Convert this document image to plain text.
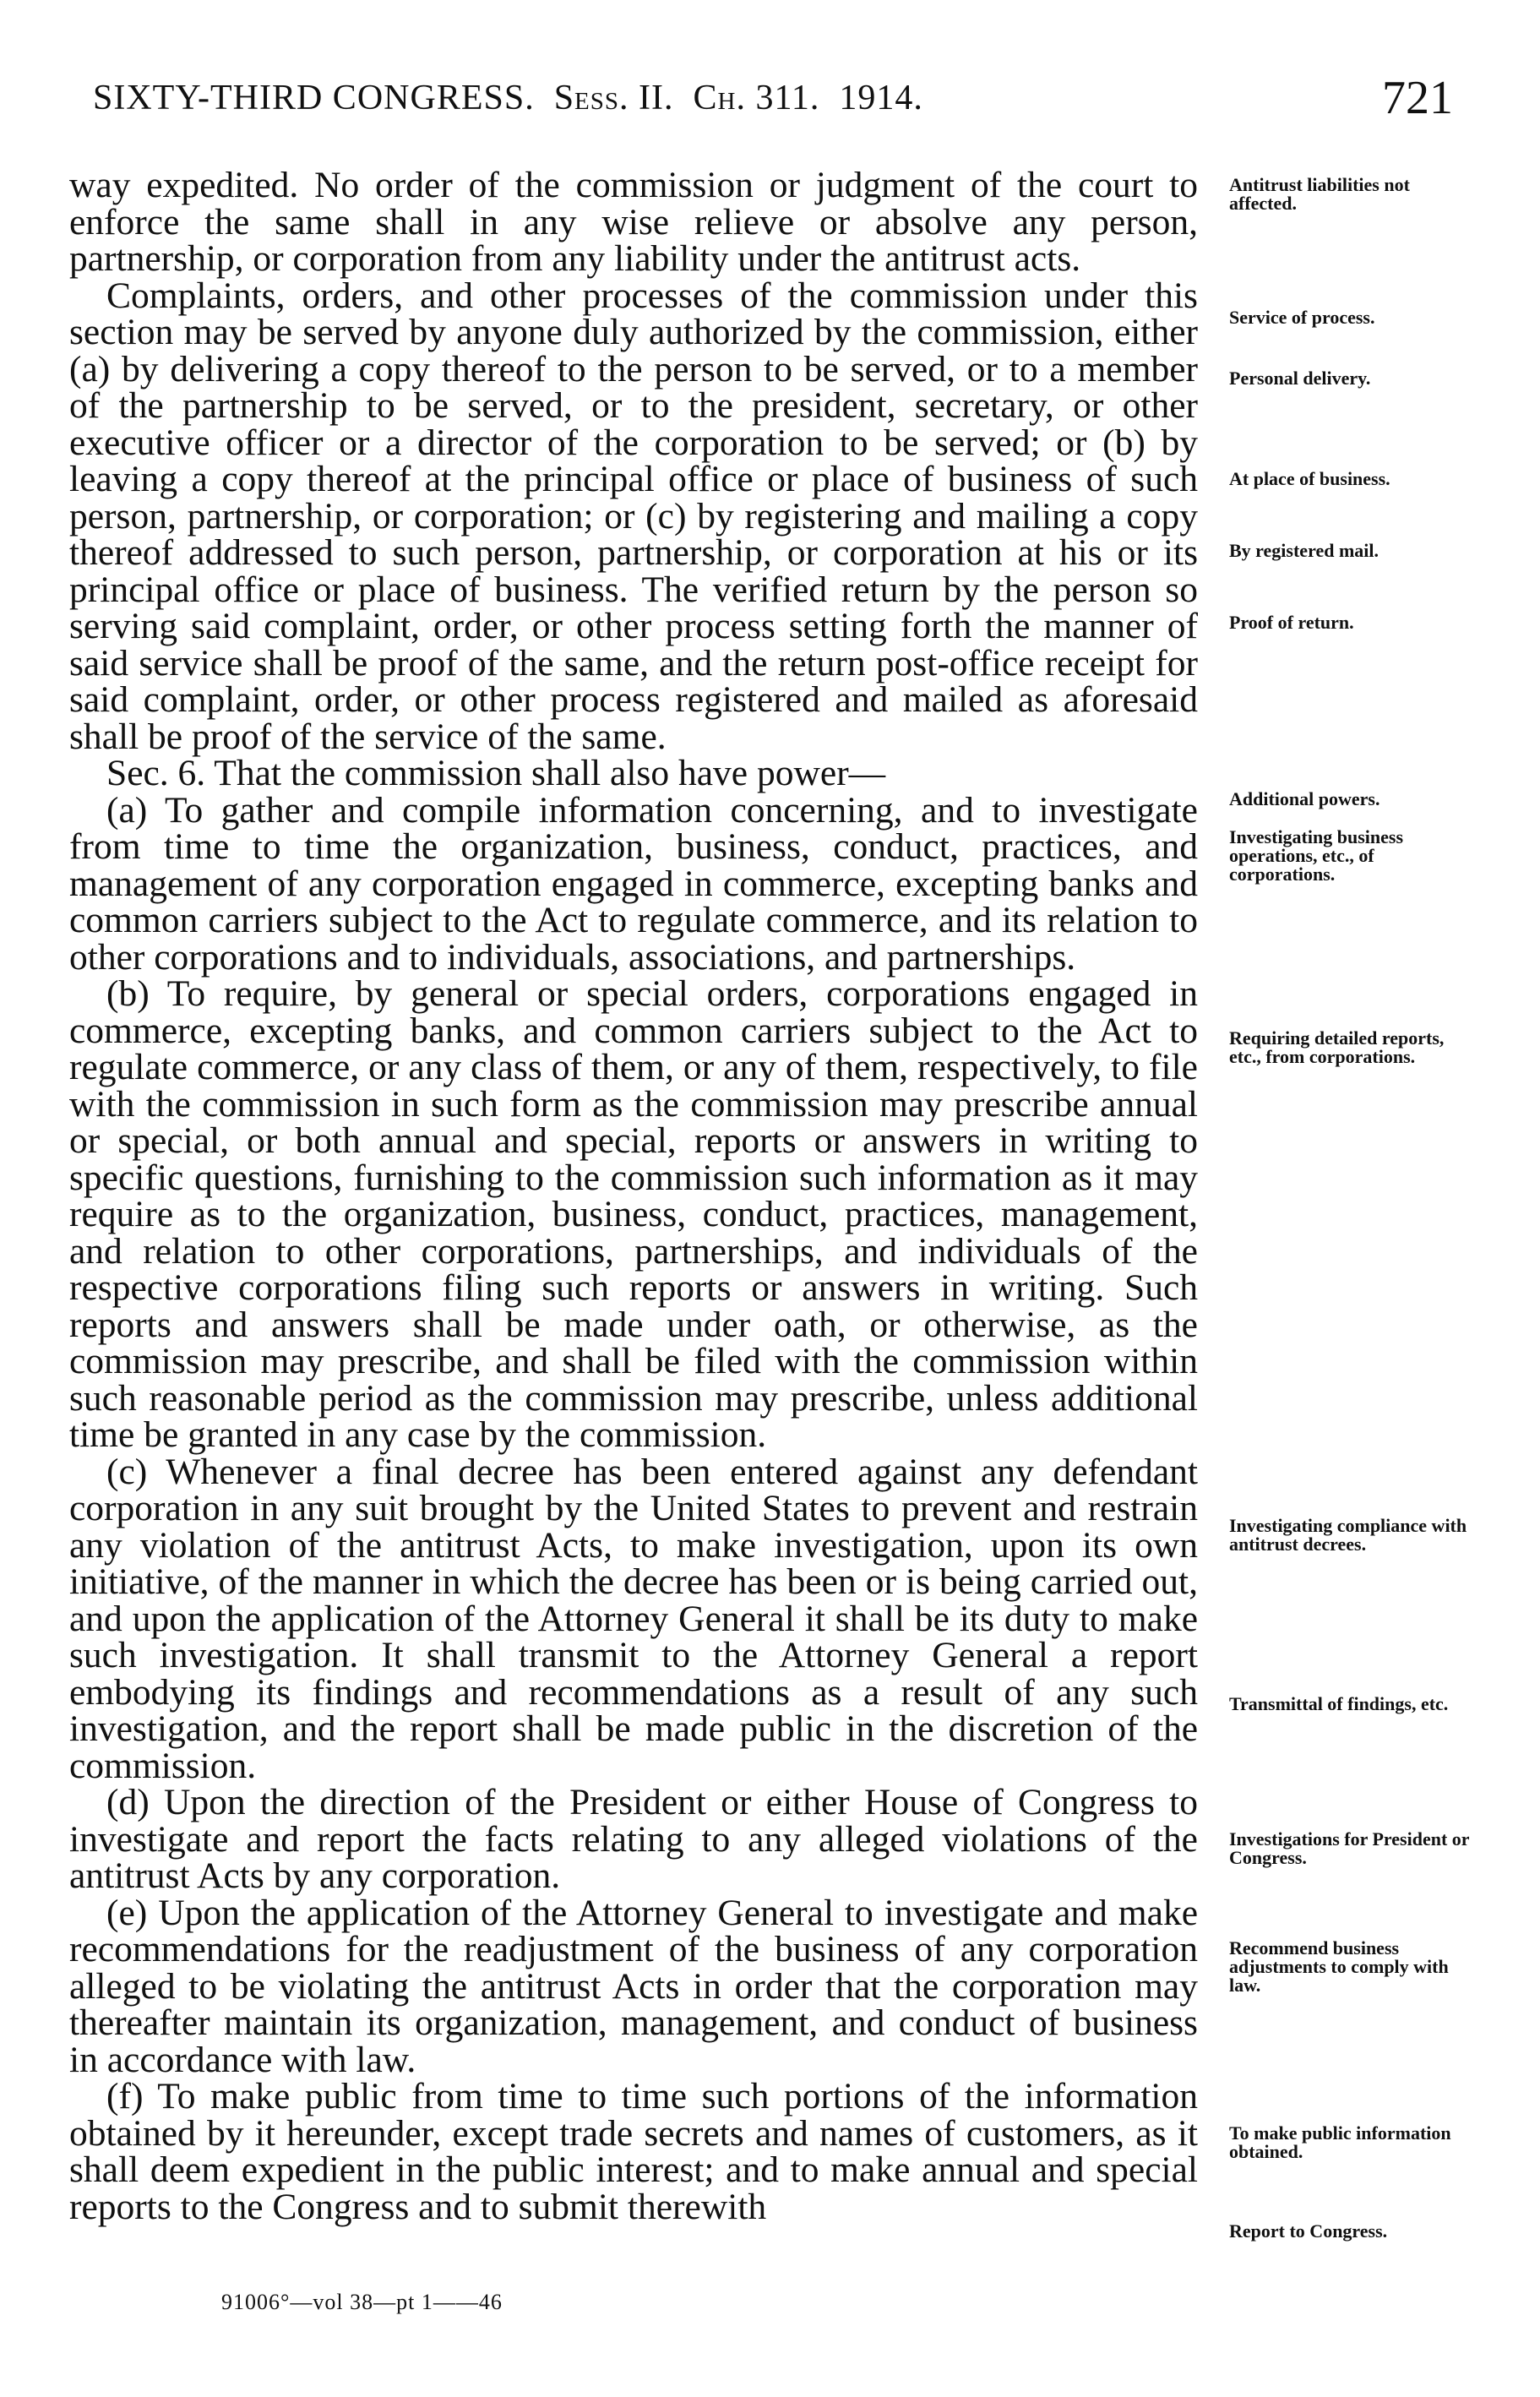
SIXTY-THIRD CONGRESS. Sess. II. Ch. 311. 1914.	721

way expedited. No order of the commission or judgment of the court to enforce the same shall in any wise relieve or absolve any person, partnership, or corporation from any liability under the antitrust acts.

Complaints, orders, and other processes of the commission under this section may be served by anyone duly authorized by the commission, either (a) by delivering a copy thereof to the person to be served, or to a member of the partnership to be served, or to the president, secretary, or other executive officer or a director of the corporation to be served; or (b) by leaving a copy thereof at the principal office or place of business of such person, partnership, or corporation; or (c) by registering and mailing a copy thereof addressed to such person, partnership, or corporation at his or its principal office or place of business. The verified return by the person so serving said complaint, order, or other process setting forth the manner of said service shall be proof of the same, and the return post-office receipt for said complaint, order, or other process registered and mailed as aforesaid shall be proof of the service of the same.

Sec. 6. That the commission shall also have power—

(a) To gather and compile information concerning, and to investigate from time to time the organization, business, conduct, practices, and management of any corporation engaged in commerce, excepting banks and common carriers subject to the Act to regulate commerce, and its relation to other corporations and to individuals, associations, and partnerships.

(b) To require, by general or special orders, corporations engaged in commerce, excepting banks, and common carriers subject to the Act to regulate commerce, or any class of them, or any of them, respectively, to file with the commission in such form as the commission may prescribe annual or special, or both annual and special, reports or answers in writing to specific questions, furnishing to the commission such information as it may require as to the organization, business, conduct, practices, management, and relation to other corporations, partnerships, and individuals of the respective corporations filing such reports or answers in writing. Such reports and answers shall be made under oath, or otherwise, as the commission may prescribe, and shall be filed with the commission within such reasonable period as the commission may prescribe, unless additional time be granted in any case by the commission.

(c) Whenever a final decree has been entered against any defendant corporation in any suit brought by the United States to prevent and restrain any violation of the antitrust Acts, to make investigation, upon its own initiative, of the manner in which the decree has been or is being carried out, and upon the application of the Attorney General it shall be its duty to make such investigation. It shall transmit to the Attorney General a report embodying its findings and recommendations as a result of any such investigation, and the report shall be made public in the discretion of the commission.

(d) Upon the direction of the President or either House of Congress to investigate and report the facts relating to any alleged violations of the antitrust Acts by any corporation.

(e) Upon the application of the Attorney General to investigate and make recommendations for the readjustment of the business of any corporation alleged to be violating the antitrust Acts in order that the corporation may thereafter maintain its organization, management, and conduct of business in accordance with law.

(f) To make public from time to time such portions of the information obtained by it hereunder, except trade secrets and names of customers, as it shall deem expedient in the public interest; and to make annual and special reports to the Congress and to submit therewith

Antitrust liabilities not affected.
Service of process.
Personal delivery.
At place of business.
By registered mail.
Proof of return.
Additional powers.
Investigating business operations, etc., of corporations.
Requiring detailed reports, etc., from corporations.
Investigating compliance with antitrust decrees.
Transmittal of findings, etc.
Investigations for President or Congress.
Recommend business adjustments to comply with law.
To make public information obtained.
Report to Congress.
91006°—vol 38—pt 1——46
